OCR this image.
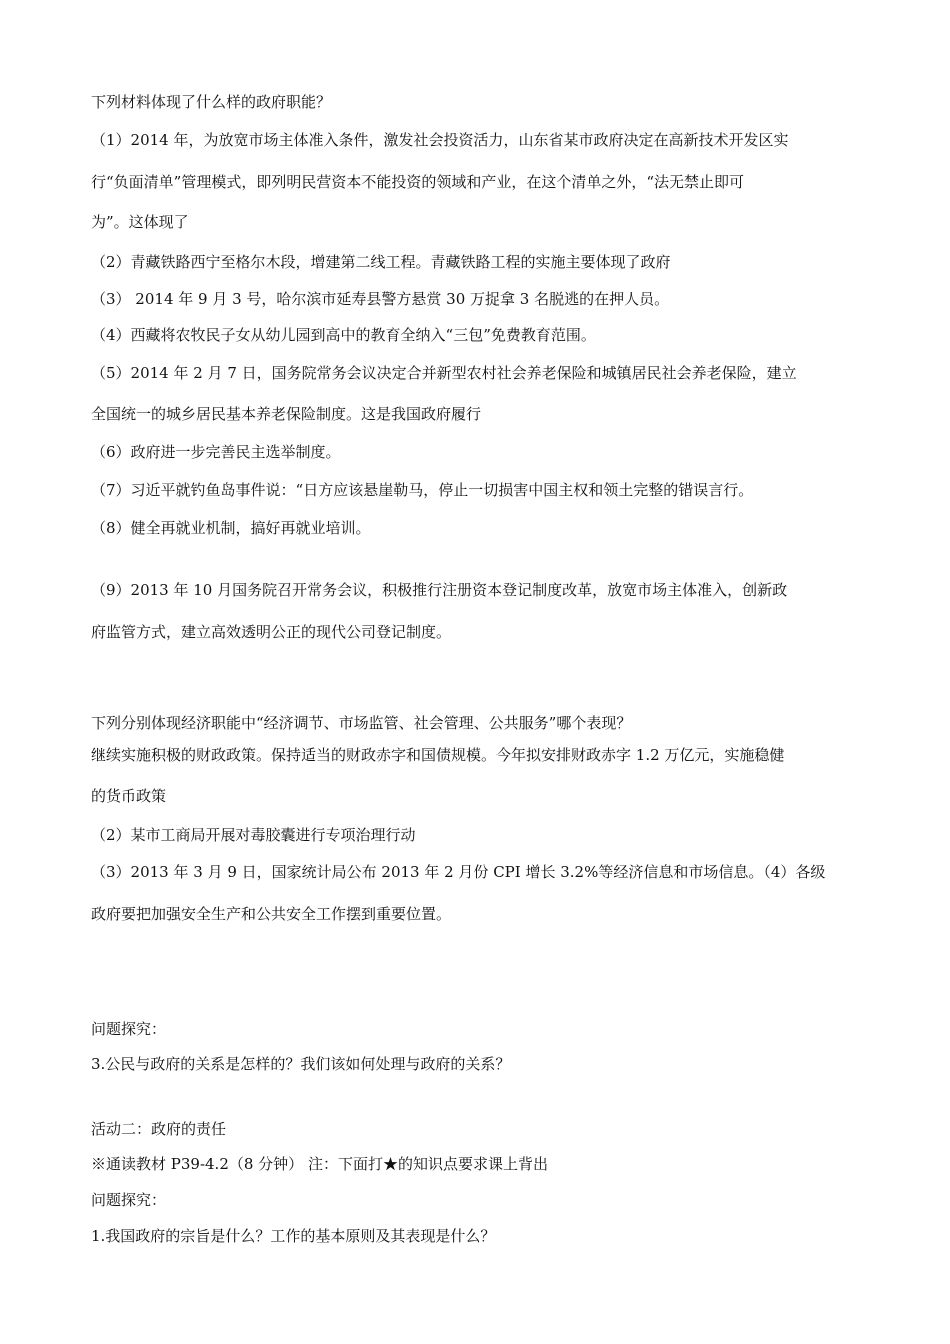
下列材料体现了什么样的政府职能？

（1）2014 年，为放宽市场主体准入条件，激发社会投资活力，山东省某市政府决定在高新技术开发区实

行“负面清单”管理模式，即列明民营资本不能投资的领域和产业，在这个清单之外，“法无禁止即可

为”。这体现了

（2）青藏铁路西宁至格尔木段，增建第二线工程。青藏铁路工程的实施主要体现了政府

（3） 2014 年 9 月 3 号，哈尔滨市延寿县警方悬赏 30 万捉拿 3 名脱逃的在押人员。

（4）西藏将农牧民子女从幼儿园到高中的教育全纳入“三包”免费教育范围。

（5）2014 年 2 月 7 日，国务院常务会议决定合并新型农村社会养老保险和城镇居民社会养老保险，建立

全国统一的城乡居民基本养老保险制度。这是我国政府履行

（6）政府进一步完善民主选举制度。

（7）习近平就钓鱼岛事件说：“日方应该悬崖勒马，停止一切损害中国主权和领土完整的错误言行。

（8）健全再就业机制，搞好再就业培训。

（9）2013 年 10 月国务院召开常务会议，积极推行注册资本登记制度改革，放宽市场主体准入，创新政

府监管方式，建立高效透明公正的现代公司登记制度。

下列分别体现经济职能中“经济调节、市场监管、社会管理、公共服务”哪个表现？

继续实施积极的财政政策。保持适当的财政赤字和国债规模。今年拟安排财政赤字 1.2 万亿元，实施稳健

的货币政策

（2）某市工商局开展对毒胶囊进行专项治理行动

（3）2013 年 3 月 9 日，国家统计局公布 2013 年 2 月份 CPI 增长 3.2%等经济信息和市场信息。（4）各级

政府要把加强安全生产和公共安全工作摆到重要位置。

问题探究：

3.公民与政府的关系是怎样的？我们该如何处理与政府的关系？

活动二：政府的责任

※通读教材 P39-4.2（8 分钟） 注：下面打★的知识点要求课上背出

问题探究：

1.我国政府的宗旨是什么？工作的基本原则及其表现是什么？
